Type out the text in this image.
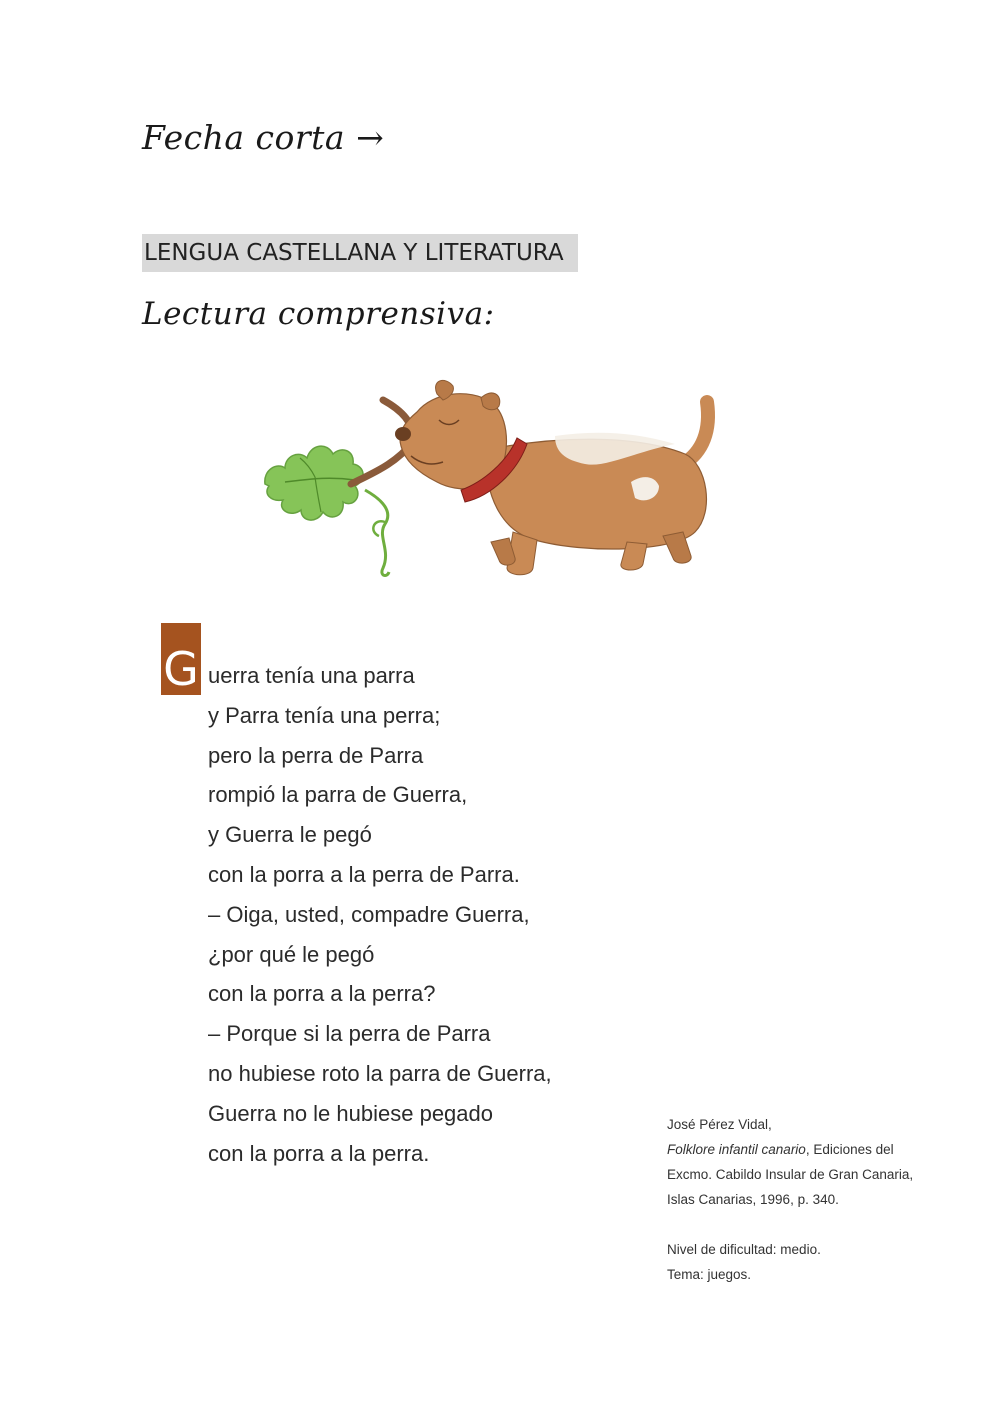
Fecha corta →
LENGUA CASTELLANA Y LITERATURA
Lectura comprensiva:
G uerra tenía una parra
y Parra tenía una perra;
pero la perra de Parra
rompió la parra de Guerra,
y Guerra le pegó
con la porra a la perra de Parra.
– Oiga, usted, compadre Guerra,
¿por qué le pegó
con la porra a la perra?
– Porque si la perra de Parra
no hubiese roto la parra de Guerra,
Guerra no le hubiese pegado
con la porra a la perra.
José Pérez Vidal,
Folklore infantil canario, Ediciones del
Excmo. Cabildo Insular de Gran Canaria,
Islas Canarias, 1996, p. 340.
Nivel de dificultad: medio.
Tema: juegos.
